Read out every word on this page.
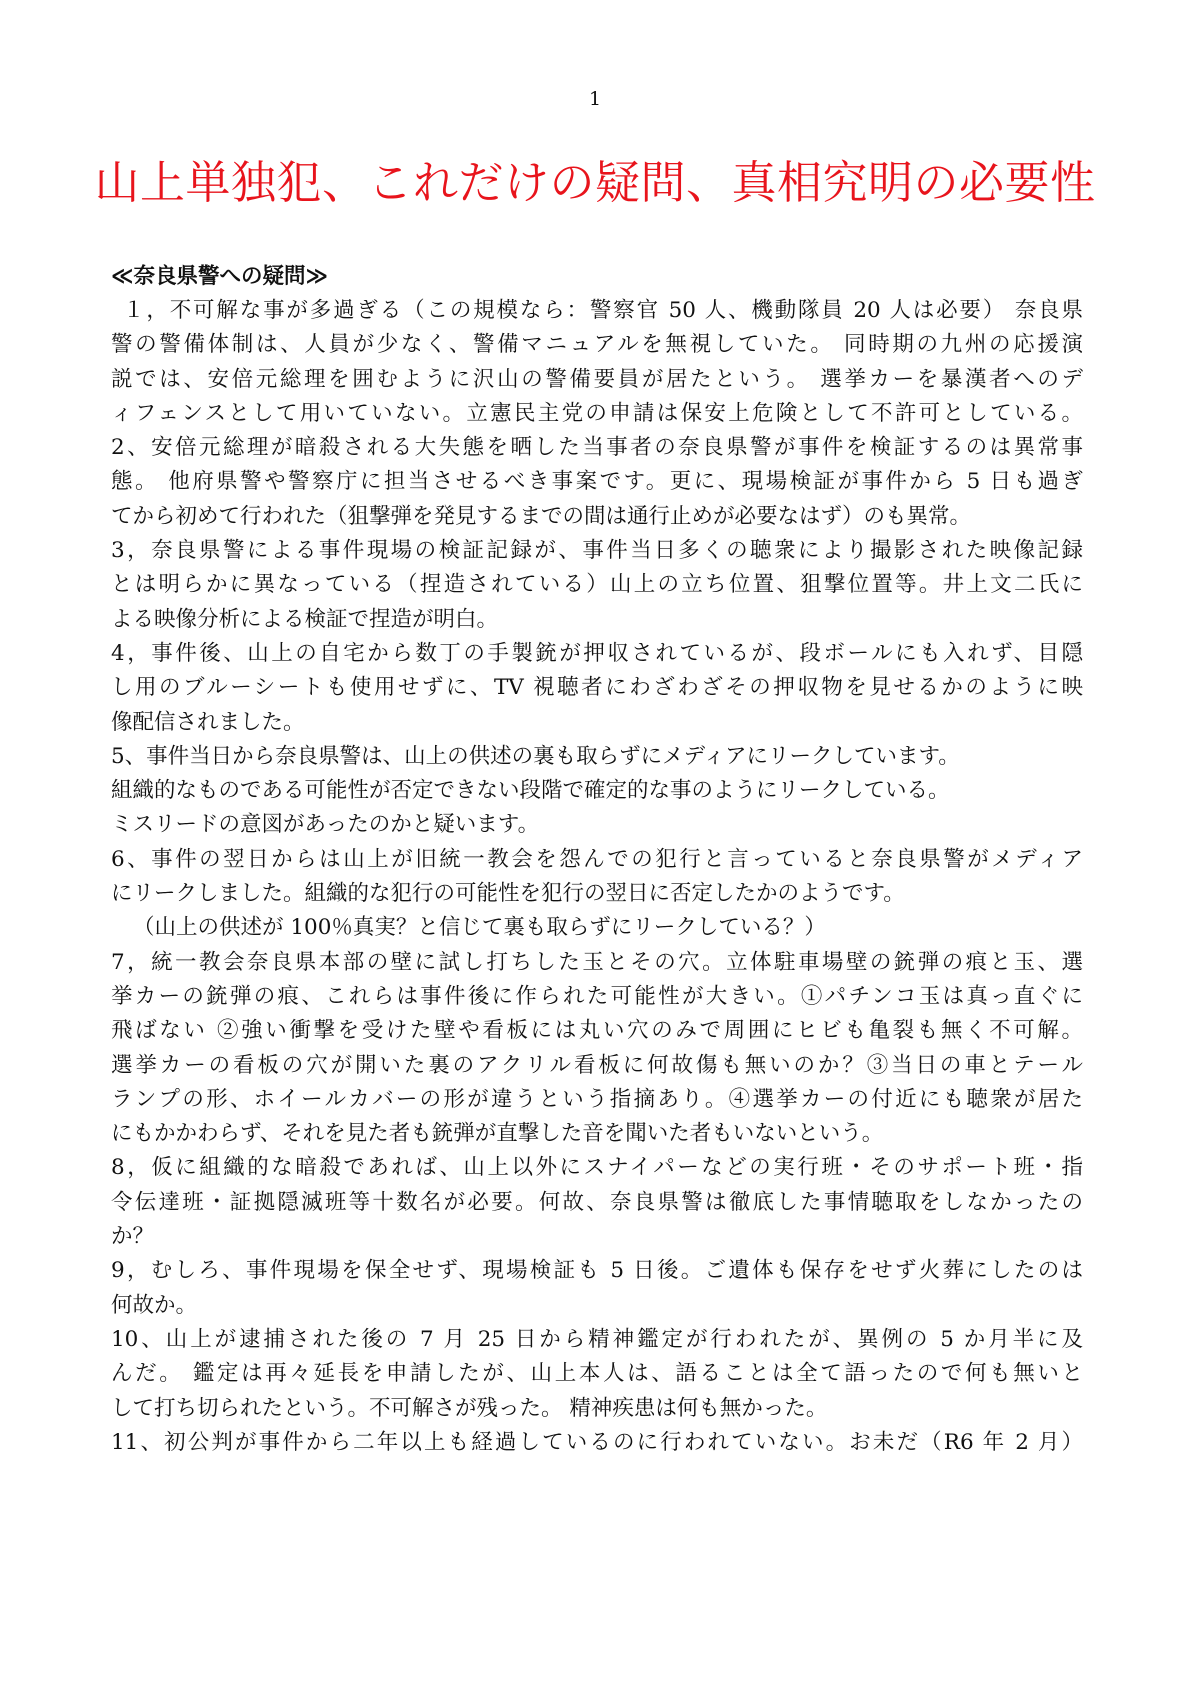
1
山上単独犯、これだけの疑問、真相究明の必要性
≪奈良県警への疑問≫
１，不可解な事が多過ぎる（この規模なら：警察官 50 人、機動隊員 20 人は必要） 奈良県
警の警備体制は、人員が少なく、警備マニュアルを無視していた。 同時期の九州の応援演
説では、安倍元総理を囲むように沢山の警備要員が居たという。 選挙カーを暴漢者へのデ
ィフェンスとして用いていない。立憲民主党の申請は保安上危険として不許可としている。
2、安倍元総理が暗殺される大失態を晒した当事者の奈良県警が事件を検証するのは異常事
態。 他府県警や警察庁に担当させるべき事案です。更に、現場検証が事件から 5 日も過ぎ
てから初めて行われた（狙撃弾を発見するまでの間は通行止めが必要なはず）のも異常。
3，奈良県警による事件現場の検証記録が、事件当日多くの聴衆により撮影された映像記録
とは明らかに異なっている（捏造されている）山上の立ち位置、狙撃位置等。井上文二氏に
よる映像分析による検証で捏造が明白。
4，事件後、山上の自宅から数丁の手製銃が押収されているが、段ボールにも入れず、目隠
し用のブルーシートも使用せずに、TV 視聴者にわざわざその押収物を見せるかのように映
像配信されました。
5、事件当日から奈良県警は、山上の供述の裏も取らずにメディアにリークしています。
組織的なものである可能性が否定できない段階で確定的な事のようにリークしている。
ミスリードの意図があったのかと疑います。
6、事件の翌日からは山上が旧統一教会を怨んでの犯行と言っていると奈良県警がメディア
にリークしました。組織的な犯行の可能性を犯行の翌日に否定したかのようです。
（山上の供述が 100％真実？と信じて裏も取らずにリークしている？）
7，統一教会奈良県本部の壁に試し打ちした玉とその穴。立体駐車場壁の銃弾の痕と玉、選
挙カーの銃弾の痕、これらは事件後に作られた可能性が大きい。①パチンコ玉は真っ直ぐに
飛ばない ②強い衝撃を受けた壁や看板には丸い穴のみで周囲にヒビも亀裂も無く不可解。
選挙カーの看板の穴が開いた裏のアクリル看板に何故傷も無いのか？③当日の車とテール
ランプの形、ホイールカバーの形が違うという指摘あり。④選挙カーの付近にも聴衆が居た
にもかかわらず、それを見た者も銃弾が直撃した音を聞いた者もいないという。
8，仮に組織的な暗殺であれば、山上以外にスナイパーなどの実行班・そのサポート班・指
令伝達班・証拠隠滅班等十数名が必要。何故、奈良県警は徹底した事情聴取をしなかったの
か？
9，むしろ、事件現場を保全せず、現場検証も 5 日後。ご遺体も保存をせず火葬にしたのは
何故か。
10、山上が逮捕された後の 7 月 25 日から精神鑑定が行われたが、異例の 5 か月半に及
んだ。 鑑定は再々延長を申請したが、山上本人は、語ることは全て語ったので何も無いと
して打ち切られたという。不可解さが残った。 精神疾患は何も無かった。
11、初公判が事件から二年以上も経過しているのに行われていない。お未だ（R6 年 2 月）
